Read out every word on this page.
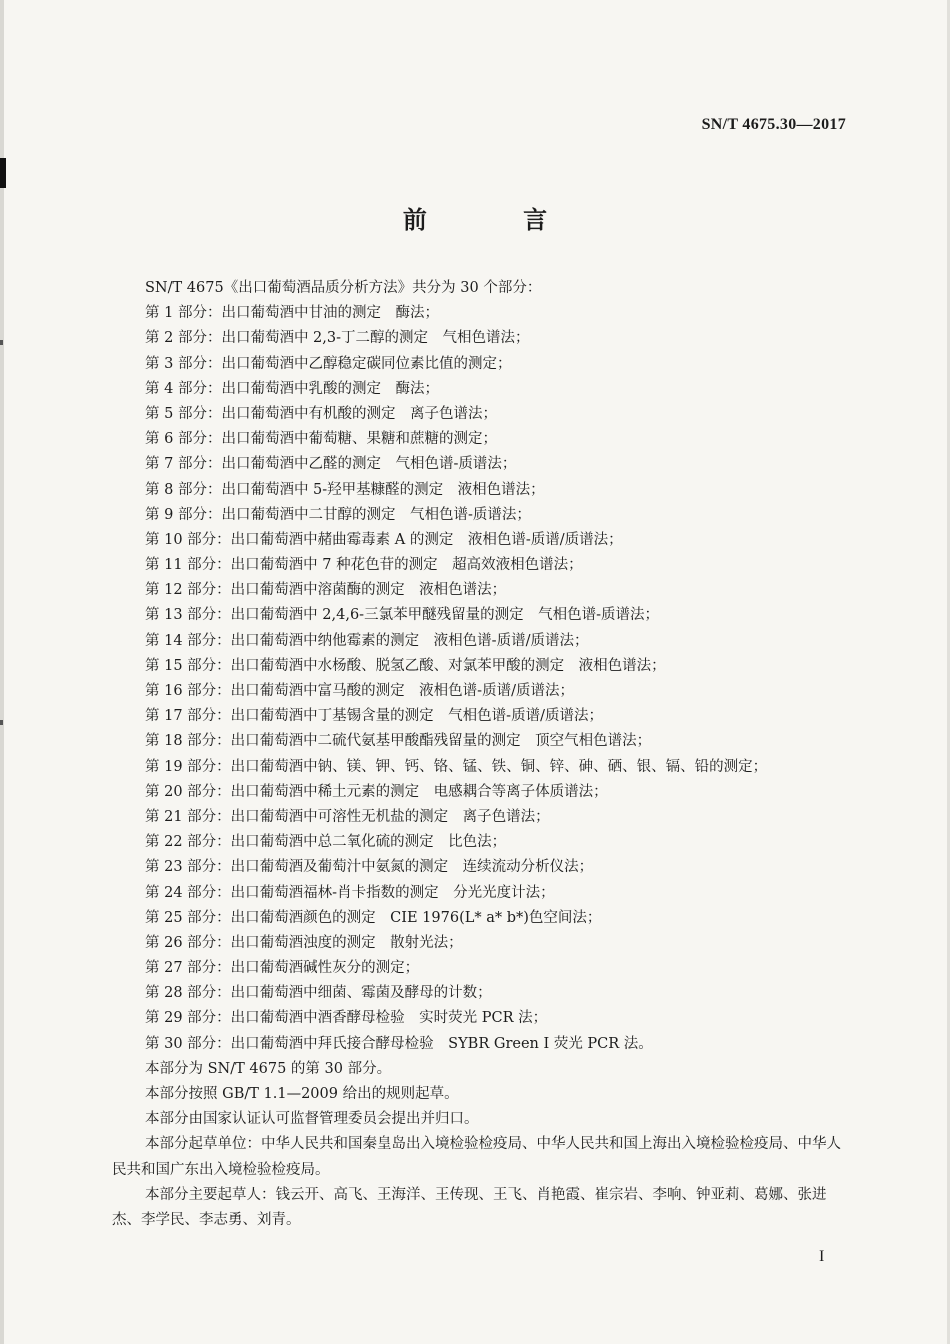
SN/T 4675.30—2017
前 言
SN/T 4675《出口葡萄酒品质分析方法》共分为 30 个部分：
第 1 部分：出口葡萄酒中甘油的测定　酶法；
第 2 部分：出口葡萄酒中 2,3-丁二醇的测定　气相色谱法；
第 3 部分：出口葡萄酒中乙醇稳定碳同位素比值的测定；
第 4 部分：出口葡萄酒中乳酸的测定　酶法；
第 5 部分：出口葡萄酒中有机酸的测定　离子色谱法；
第 6 部分：出口葡萄酒中葡萄糖、果糖和蔗糖的测定；
第 7 部分：出口葡萄酒中乙醛的测定　气相色谱-质谱法；
第 8 部分：出口葡萄酒中 5-羟甲基糠醛的测定　液相色谱法；
第 9 部分：出口葡萄酒中二甘醇的测定　气相色谱-质谱法；
第 10 部分：出口葡萄酒中赭曲霉毒素 A 的测定　液相色谱-质谱/质谱法；
第 11 部分：出口葡萄酒中 7 种花色苷的测定　超高效液相色谱法；
第 12 部分：出口葡萄酒中溶菌酶的测定　液相色谱法；
第 13 部分：出口葡萄酒中 2,4,6-三氯苯甲醚残留量的测定　气相色谱-质谱法；
第 14 部分：出口葡萄酒中纳他霉素的测定　液相色谱-质谱/质谱法；
第 15 部分：出口葡萄酒中水杨酸、脱氢乙酸、对氯苯甲酸的测定　液相色谱法；
第 16 部分：出口葡萄酒中富马酸的测定　液相色谱-质谱/质谱法；
第 17 部分：出口葡萄酒中丁基锡含量的测定　气相色谱-质谱/质谱法；
第 18 部分：出口葡萄酒中二硫代氨基甲酸酯残留量的测定　顶空气相色谱法；
第 19 部分：出口葡萄酒中钠、镁、钾、钙、铬、锰、铁、铜、锌、砷、硒、银、镉、铅的测定；
第 20 部分：出口葡萄酒中稀土元素的测定　电感耦合等离子体质谱法；
第 21 部分：出口葡萄酒中可溶性无机盐的测定　离子色谱法；
第 22 部分：出口葡萄酒中总二氧化硫的测定　比色法；
第 23 部分：出口葡萄酒及葡萄汁中氨氮的测定　连续流动分析仪法；
第 24 部分：出口葡萄酒福林-肖卡指数的测定　分光光度计法；
第 25 部分：出口葡萄酒颜色的测定　CIE 1976(L* a* b*)色空间法；
第 26 部分：出口葡萄酒浊度的测定　散射光法；
第 27 部分：出口葡萄酒碱性灰分的测定；
第 28 部分：出口葡萄酒中细菌、霉菌及酵母的计数；
第 29 部分：出口葡萄酒中酒香酵母检验　实时荧光 PCR 法；
第 30 部分：出口葡萄酒中拜氏接合酵母检验　SYBR Green I 荧光 PCR 法。
本部分为 SN/T 4675 的第 30 部分。
本部分按照 GB/T 1.1—2009 给出的规则起草。
本部分由国家认证认可监督管理委员会提出并归口。
本部分起草单位：中华人民共和国秦皇岛出入境检验检疫局、中华人民共和国上海出入境检验检疫局、中华人民共和国广东出入境检验检疫局。
本部分主要起草人：钱云开、高飞、王海洋、王传现、王飞、肖艳霞、崔宗岩、李响、钟亚莉、葛娜、张进杰、李学民、李志勇、刘青。
I
